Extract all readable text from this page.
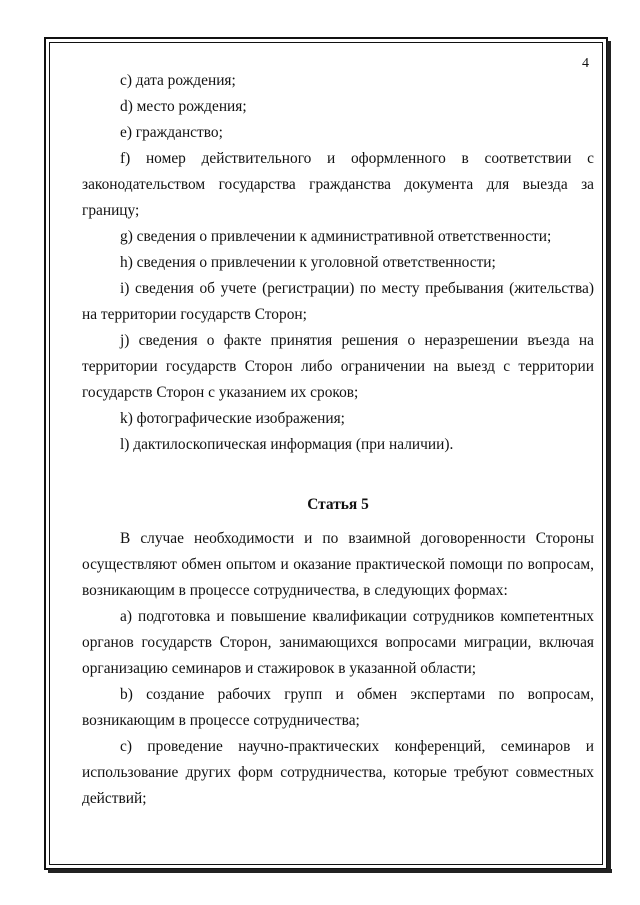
4

c) дата рождения;

d) место рождения;

e) гражданство;

f) номер действительного и оформленного в соответствии с законодательством государства гражданства документа для выезда за границу;

g) сведения о привлечении к административной ответственности;

h) сведения о привлечении к уголовной ответственности;

i) сведения об учете (регистрации) по месту пребывания (жительства) на территории государств Сторон;

j) сведения о факте принятия решения о неразрешении въезда на территории государств Сторон либо ограничении на выезд с территории государств Сторон с указанием их сроков;

k) фотографические изображения;

l) дактилоскопическая информация (при наличии).

Статья 5

В случае необходимости и по взаимной договоренности Стороны осуществляют обмен опытом и оказание практической помощи по вопросам, возникающим в процессе сотрудничества, в следующих формах:

a) подготовка и повышение квалификации сотрудников компетентных органов государств Сторон, занимающихся вопросами миграции, включая организацию семинаров и стажировок в указанной области;

b) создание рабочих групп и обмен экспертами по вопросам, возникающим в процессе сотрудничества;

c) проведение научно-практических конференций, семинаров и использование других форм сотрудничества, которые требуют совместных действий;
